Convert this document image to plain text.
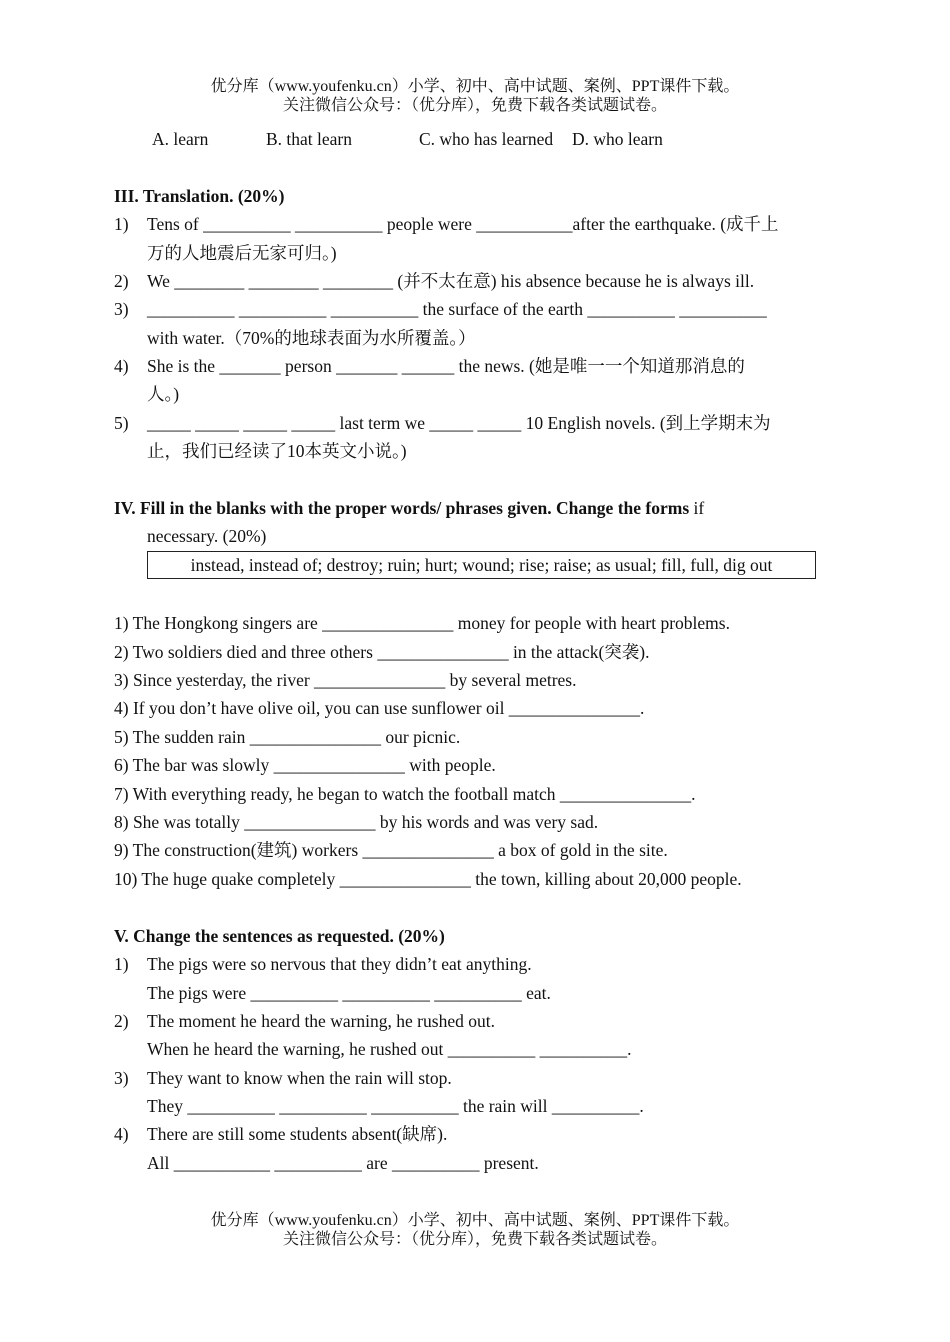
优分库（www.youfenku.cn）小学、初中、高中试题、案例、PPT课件下载。
关注微信公众号：（优分库），免费下载各类试题试卷。
A. learn	B. that learn	C. who has learned D. who learn
III. Translation. (20%)
1) Tens of __________ __________ people were ___________after the earthquake. (成千上
万的人地震后无家可归。)
2) We ________ ________ ________ (并不太在意) his absence because he is always ill.
3) __________ __________ __________ the surface of the earth __________ __________
with water.（70%的地球表面为水所覆盖。）
4) She is the _______ person _______ ______ the news. (她是唯一一个知道那消息的
人。)
5) _____ _____ _____ _____ last term we _____ _____ 10 English novels. (到上学期末为
止，我们已经读了10本英文小说。)
IV. Fill in the blanks with the proper words/ phrases given. Change the forms if
necessary. (20%)
instead, instead of; destroy; ruin; hurt; wound; rise; raise; as usual; fill, full, dig out
1) The Hongkong singers are _______________ money for people with heart problems.
2) Two soldiers died and three others _______________ in the attack(突袭).
3) Since yesterday, the river _______________ by several metres.
4) If you don’t have olive oil, you can use sunflower oil _______________.
5) The sudden rain _______________ our picnic.
6) The bar was slowly _______________ with people.
7) With everything ready, he began to watch the football match _______________.
8) She was totally _______________ by his words and was very sad.
9) The construction(建筑) workers _______________ a box of gold in the site.
10) The huge quake completely _______________ the town, killing about 20,000 people.
V. Change the sentences as requested. (20%)
1) The pigs were so nervous that they didn’t eat anything.
The pigs were __________ __________ __________ eat.
2) The moment he heard the warning, he rushed out.
When he heard the warning, he rushed out __________ __________.
3) They want to know when the rain will stop.
They __________ __________ __________ the rain will __________.
4) There are still some students absent(缺席).
All ___________ __________ are __________ present.
优分库（www.youfenku.cn）小学、初中、高中试题、案例、PPT课件下载。
关注微信公众号：（优分库），免费下载各类试题试卷。
